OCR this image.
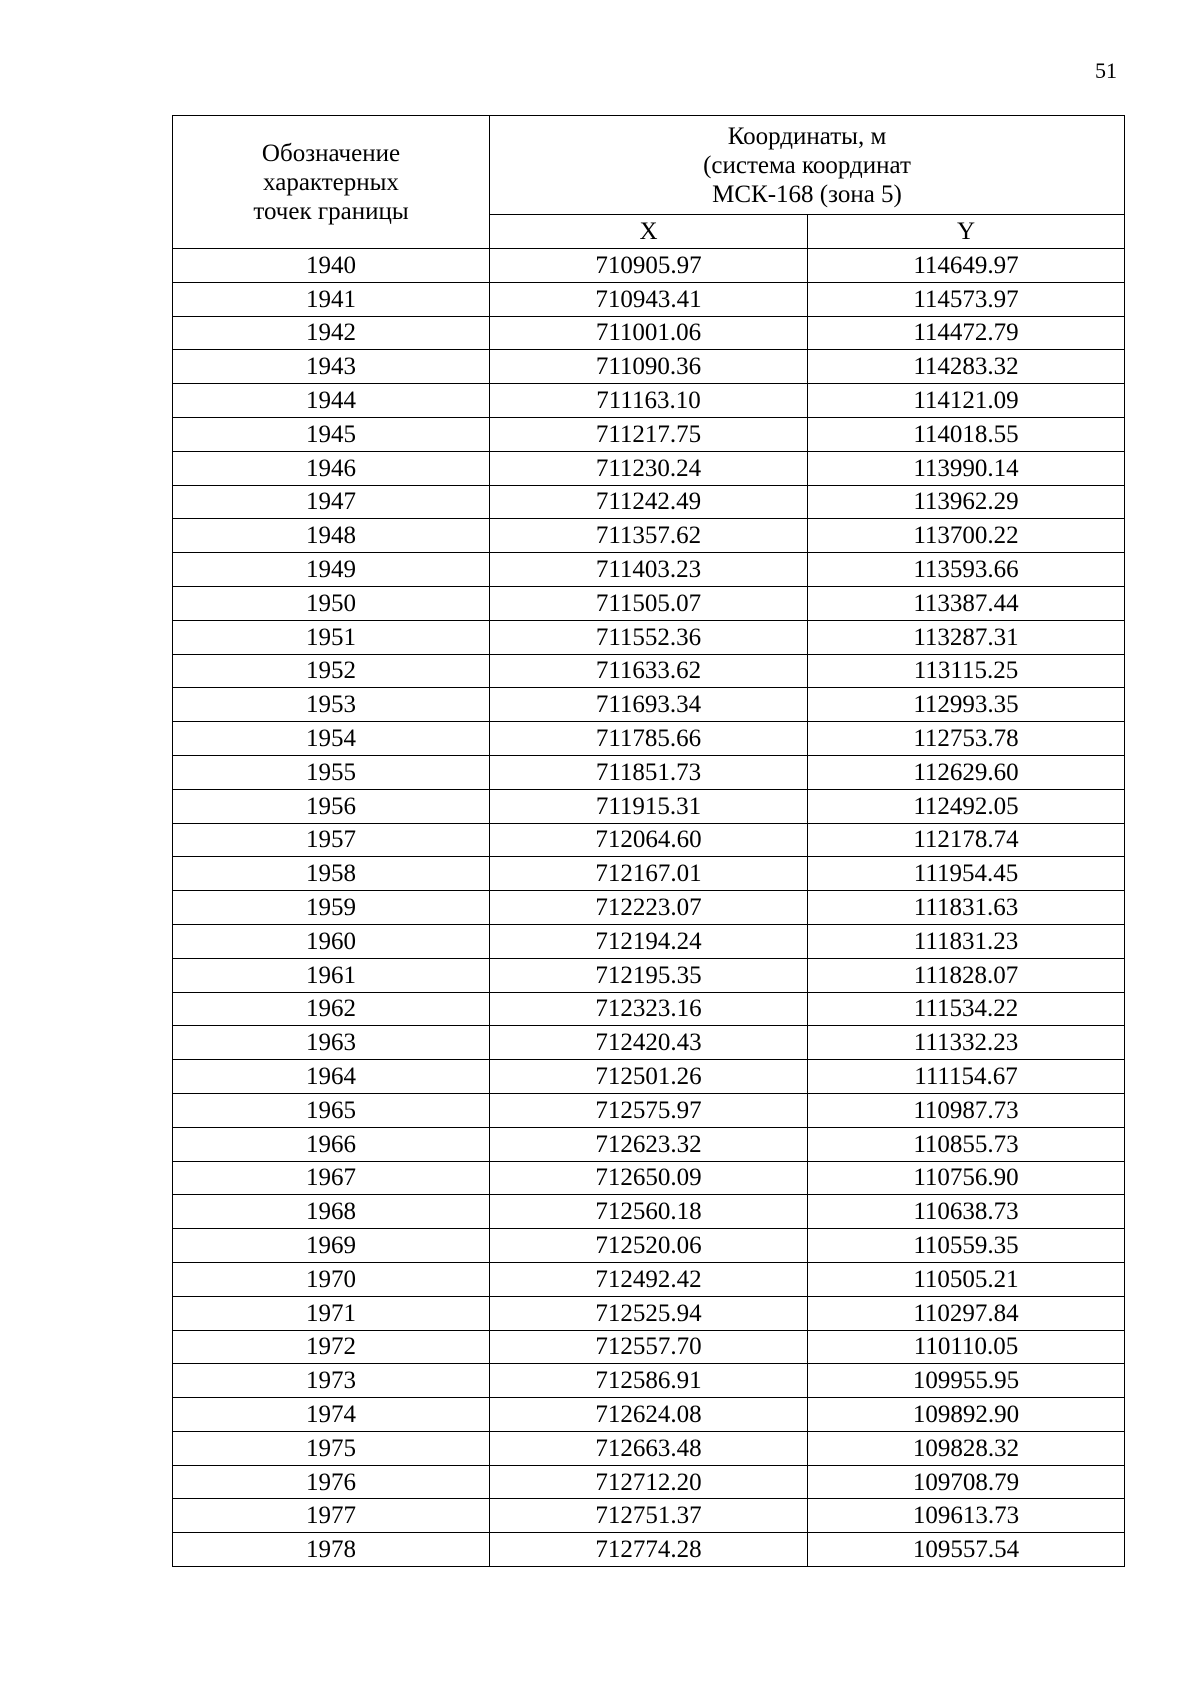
51
Обозначение
характерных
точек границы	Координаты, м
(система координат
МСК-168 (зона 5)	

	X	Y
1940	710905.97	114649.97
1941	710943.41	114573.97
1942	711001.06	114472.79
1943	711090.36	114283.32
1944	711163.10	114121.09
1945	711217.75	114018.55
1946	711230.24	113990.14
1947	711242.49	113962.29
1948	711357.62	113700.22
1949	711403.23	113593.66
1950	711505.07	113387.44
1951	711552.36	113287.31
1952	711633.62	113115.25
1953	711693.34	112993.35
1954	711785.66	112753.78
1955	711851.73	112629.60
1956	711915.31	112492.05
1957	712064.60	112178.74
1958	712167.01	111954.45
1959	712223.07	111831.63
1960	712194.24	111831.23
1961	712195.35	111828.07
1962	712323.16	111534.22
1963	712420.43	111332.23
1964	712501.26	111154.67
1965	712575.97	110987.73
1966	712623.32	110855.73
1967	712650.09	110756.90
1968	712560.18	110638.73
1969	712520.06	110559.35
1970	712492.42	110505.21
1971	712525.94	110297.84
1972	712557.70	110110.05
1973	712586.91	109955.95
1974	712624.08	109892.90
1975	712663.48	109828.32
1976	712712.20	109708.79
1977	712751.37	109613.73
1978	712774.28	109557.54
